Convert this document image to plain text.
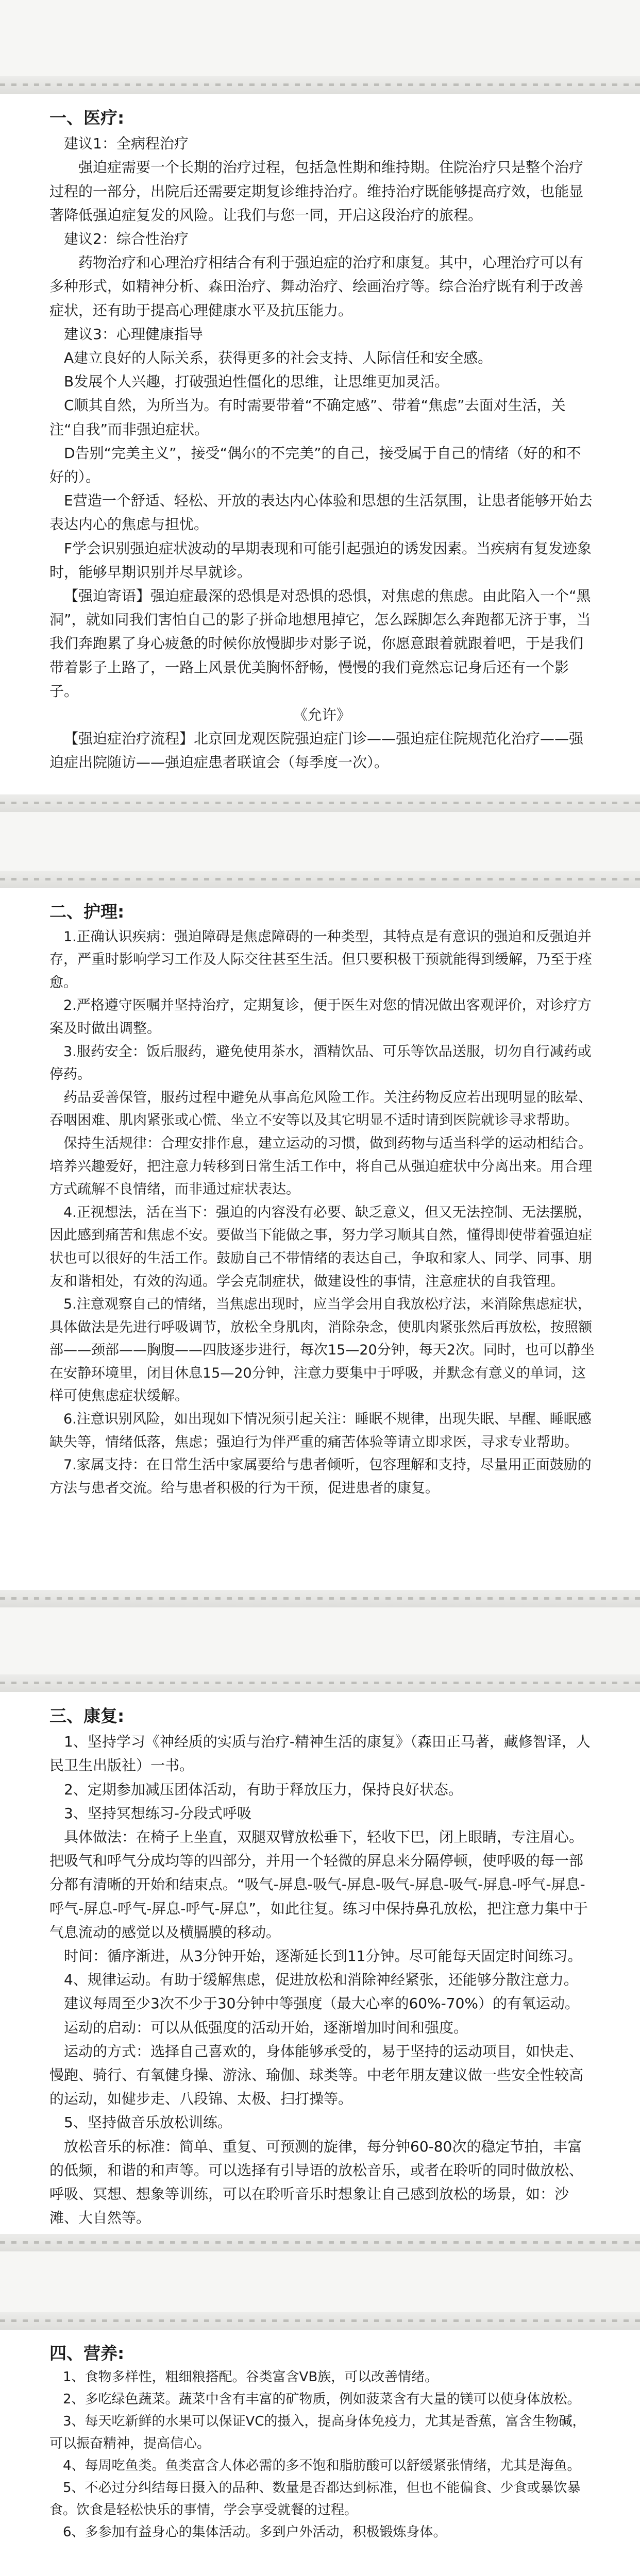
一、医疗:

建议1：全病程治疗

强迫症需要一个长期的治疗过程，包括急性期和维持期。住院治疗只是整个治疗过程的一部分，出院后还需要定期复诊维持治疗。维持治疗既能够提高疗效，也能显著降低强迫症复发的风险。让我们与您一同，开启这段治疗的旅程。

建议2：综合性治疗

药物治疗和心理治疗相结合有利于强迫症的治疗和康复。其中，心理治疗可以有多种形式，如精神分析、森田治疗、舞动治疗、绘画治疗等。综合治疗既有利于改善症状，还有助于提高心理健康水平及抗压能力。

建议3：心理健康指导

A建立良好的人际关系，获得更多的社会支持、人际信任和安全感。

B发展个人兴趣，打破强迫性僵化的思维，让思维更加灵活。

C顺其自然，为所当为。有时需要带着“不确定感”、带着“焦虑”去面对生活，关注“自我”而非强迫症状。

D告别“完美主义”，接受“偶尔的不完美”的自己，接受属于自己的情绪（好的和不好的）。

E营造一个舒适、轻松、开放的表达内心体验和思想的生活氛围，让患者能够开始去表达内心的焦虑与担忧。

F学会识别强迫症状波动的早期表现和可能引起强迫的诱发因素。当疾病有复发迹象时，能够早期识别并尽早就诊。

【强迫寄语】强迫症最深的恐惧是对恐惧的恐惧，对焦虑的焦虑。由此陷入一个“黑洞”，就如同我们害怕自己的影子拼命地想甩掉它，怎么踩脚怎么奔跑都无济于事，当我们奔跑累了身心疲惫的时候你放慢脚步对影子说，你愿意跟着就跟着吧，于是我们带着影子上路了，一路上风景优美胸怀舒畅，慢慢的我们竟然忘记身后还有一个影子。

《允许》

【强迫症治疗流程】北京回龙观医院强迫症门诊——强迫症住院规范化治疗——强迫症出院随访——强迫症患者联谊会（每季度一次）。

二、护理:

1.正确认识疾病：强迫障碍是焦虑障碍的一种类型，其特点是有意识的强迫和反强迫并存，严重时影响学习工作及人际交往甚至生活。但只要积极干预就能得到缓解，乃至于痊愈。

2.严格遵守医嘱并坚持治疗，定期复诊，便于医生对您的情况做出客观评价，对诊疗方案及时做出调整。

3.服药安全：饭后服药，避免使用茶水，酒精饮品、可乐等饮品送服，切勿自行减药或停药。

药品妥善保管，服药过程中避免从事高危风险工作。关注药物反应若出现明显的眩晕、吞咽困难、肌肉紧张或心慌、坐立不安等以及其它明显不适时请到医院就诊寻求帮助。

保持生活规律：合理安排作息，建立运动的习惯，做到药物与适当科学的运动相结合。培养兴趣爱好，把注意力转移到日常生活工作中，将自己从强迫症状中分离出来。用合理方式疏解不良情绪，而非通过症状表达。

4.正视想法，活在当下：强迫的内容没有必要、缺乏意义，但又无法控制、无法摆脱，因此感到痛苦和焦虑不安。要做当下能做之事，努力学习顺其自然，懂得即使带着强迫症状也可以很好的生活工作。鼓励自己不带情绪的表达自己，争取和家人、同学、同事、朋友和谐相处，有效的沟通。学会克制症状，做建设性的事情，注意症状的自我管理。

5.注意观察自己的情绪，当焦虑出现时，应当学会用自我放松疗法，来消除焦虑症状，具体做法是先进行呼吸调节，放松全身肌肉，消除杂念，使肌肉紧张然后再放松，按照额部——颈部——胸腹——四肢逐步进行，每次15—20分钟，每天2次。同时，也可以静坐在安静环境里，闭目休息15—20分钟，注意力要集中于呼吸，并默念有意义的单词，这样可使焦虑症状缓解。

6.注意识别风险，如出现如下情况须引起关注：睡眠不规律，出现失眠、早醒、睡眠感缺失等，情绪低落，焦虑；强迫行为伴严重的痛苦体验等请立即求医，寻求专业帮助。

7.家属支持：在日常生活中家属要给与患者倾听，包容理解和支持，尽量用正面鼓励的方法与患者交流。给与患者积极的行为干预，促进患者的康复。

三、康复:

1、坚持学习《神经质的实质与治疗-精神生活的康复》（森田正马著，藏修智译，人民卫生出版社）一书。

2、定期参加减压团体活动，有助于释放压力，保持良好状态。

3、坚持冥想练习-分段式呼吸

具体做法：在椅子上坐直，双腿双臂放松垂下，轻收下巴，闭上眼睛，专注眉心。把吸气和呼气分成均等的四部分，并用一个轻微的屏息来分隔停顿，使呼吸的每一部分都有清晰的开始和结束点。“吸气-屏息-吸气-屏息-吸气-屏息-吸气-屏息-呼气-屏息-呼气-屏息-呼气-屏息-呼气-屏息”，如此往复。练习中保持鼻孔放松，把注意力集中于气息流动的感觉以及横膈膜的移动。

时间：循序渐进，从3分钟开始，逐渐延长到11分钟。尽可能每天固定时间练习。

4、规律运动。有助于缓解焦虑，促进放松和消除神经紧张，还能够分散注意力。

建议每周至少3次不少于30分钟中等强度（最大心率的60%-70%）的有氧运动。

运动的启动：可以从低强度的活动开始，逐渐增加时间和强度。

运动的方式：选择自己喜欢的，身体能够承受的，易于坚持的运动项目，如快走、慢跑、骑行、有氧健身操、游泳、瑜伽、球类等。中老年朋友建议做一些安全性较高的运动，如健步走、八段锦、太极、扫打操等。

5、坚持做音乐放松训练。

放松音乐的标准：简单、重复、可预测的旋律，每分钟60-80次的稳定节拍，丰富的低频，和谐的和声等。可以选择有引导语的放松音乐，或者在聆听的同时做放松、呼吸、冥想、想象等训练，可以在聆听音乐时想象让自己感到放松的场景，如：沙滩、大自然等。

四、营养:

1、食物多样性，粗细粮搭配。谷类富含VB族，可以改善情绪。

2、多吃绿色蔬菜。蔬菜中含有丰富的矿物质，例如菠菜含有大量的镁可以使身体放松。

3、每天吃新鲜的水果可以保证VC的摄入，提高身体免疫力，尤其是香蕉，富含生物碱，可以振奋精神，提高信心。

4、每周吃鱼类。鱼类富含人体必需的多不饱和脂肪酸可以舒缓紧张情绪，尤其是海鱼。

5、不必过分纠结每日摄入的品种、数量是否都达到标准，但也不能偏食、少食或暴饮暴食。饮食是轻松快乐的事情，学会享受就餐的过程。

6、多参加有益身心的集体活动。多到户外活动，积极锻炼身体。
